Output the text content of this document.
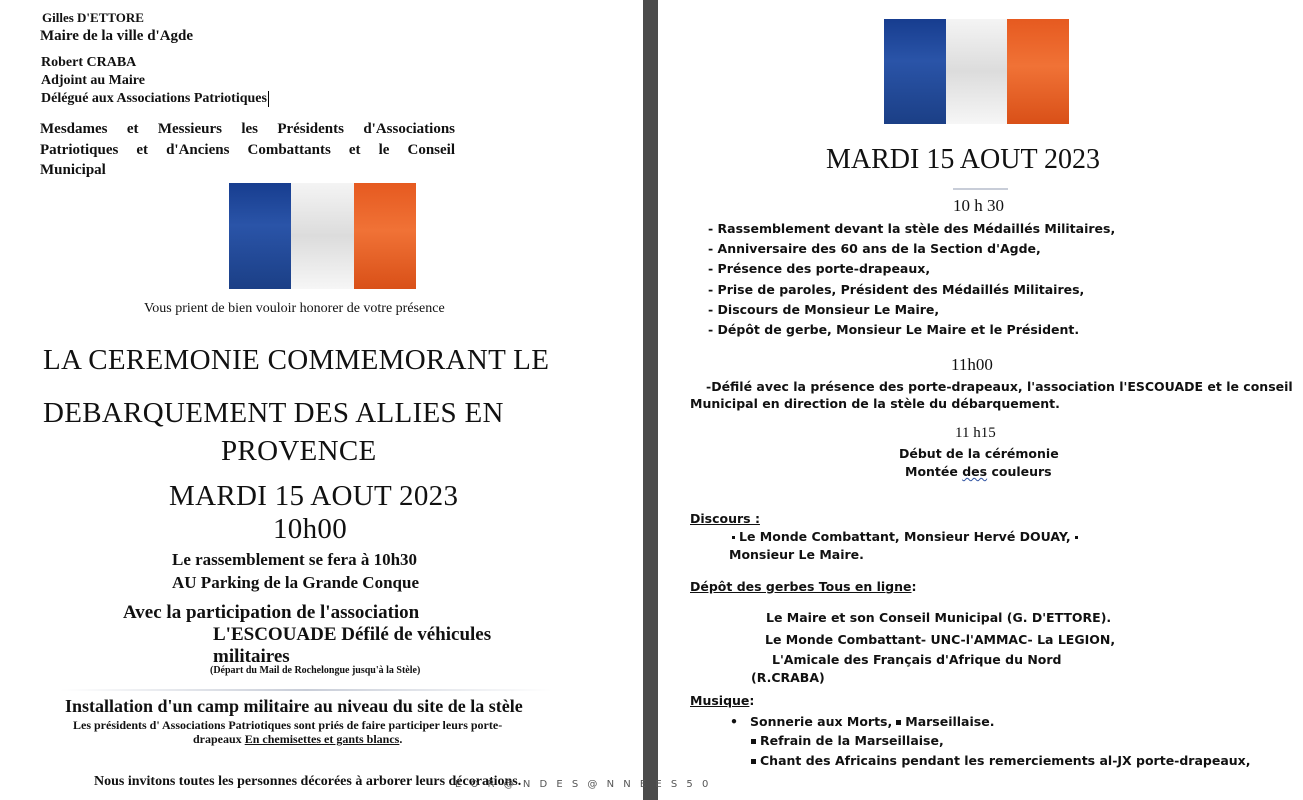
Gilles D'ETTORE
Maire de la ville d'Agde
Robert CRABA
Adjoint au Maire
Délégué aux Associations Patriotiques
Mesdames et Messieurs les Présidents d'Associations
Patriotiques et d'Anciens Combattants et le Conseil
Municipal
Vous prient de bien vouloir honorer de votre présence
LA CEREMONIE COMMEMORANT LE
DEBARQUEMENT DES ALLIES EN
PROVENCE
MARDI 15 AOUT 2023
10h00
Le rassemblement se fera à 10h30
AU Parking de la Grande Conque
Avec la participation de l'association
L'ESCOUADE Défilé de véhicules
militaires
(Départ du Mail de Rochelongue jusqu'à la Stèle)
Installation d'un camp militaire au niveau du site de la stèle
Les présidents d' Associations Patriotiques sont priés de faire participer leurs porte-
drapeaux En chemisettes et gants blancs.
Nous invitons toutes les personnes décorées à arborer leurs décorations.
MARDI 15 AOUT 2023
10 h 30
- Rassemblement devant la stèle des Médaillés Militaires,
- Anniversaire des 60 ans de la Section d'Agde,
- Présence des porte-drapeaux,
- Prise de paroles, Président des Médaillés Militaires,
- Discours de Monsieur Le Maire,
- Dépôt de gerbe, Monsieur Le Maire et le Président.
11h00
-Défilé avec la présence des porte-drapeaux, l'association l'ESCOUADE et le conseil
Municipal en direction de la stèle du débarquement.
11 h15
Début de la cérémonie
Montée des couleurs
Discours :
Le Monde Combattant, Monsieur Hervé DOUAY,
Monsieur Le Maire.
Dépôt des gerbes Tous en ligne:
Le Maire et son Conseil Municipal (G. D'ETTORE).
Le Monde Combattant- UNC-l'AMMAC- La LEGION,
L'Amicale des Français d'Afrique du Nord
(R.CRABA)
Musique:
• Sonnerie aux Morts, Marseillaise.
Refrain de la Marseillaise,
Chant des Africains pendant les remerciements al-JX porte-drapeaux,
E O R @ N D E S @ N N E E S 5 0
